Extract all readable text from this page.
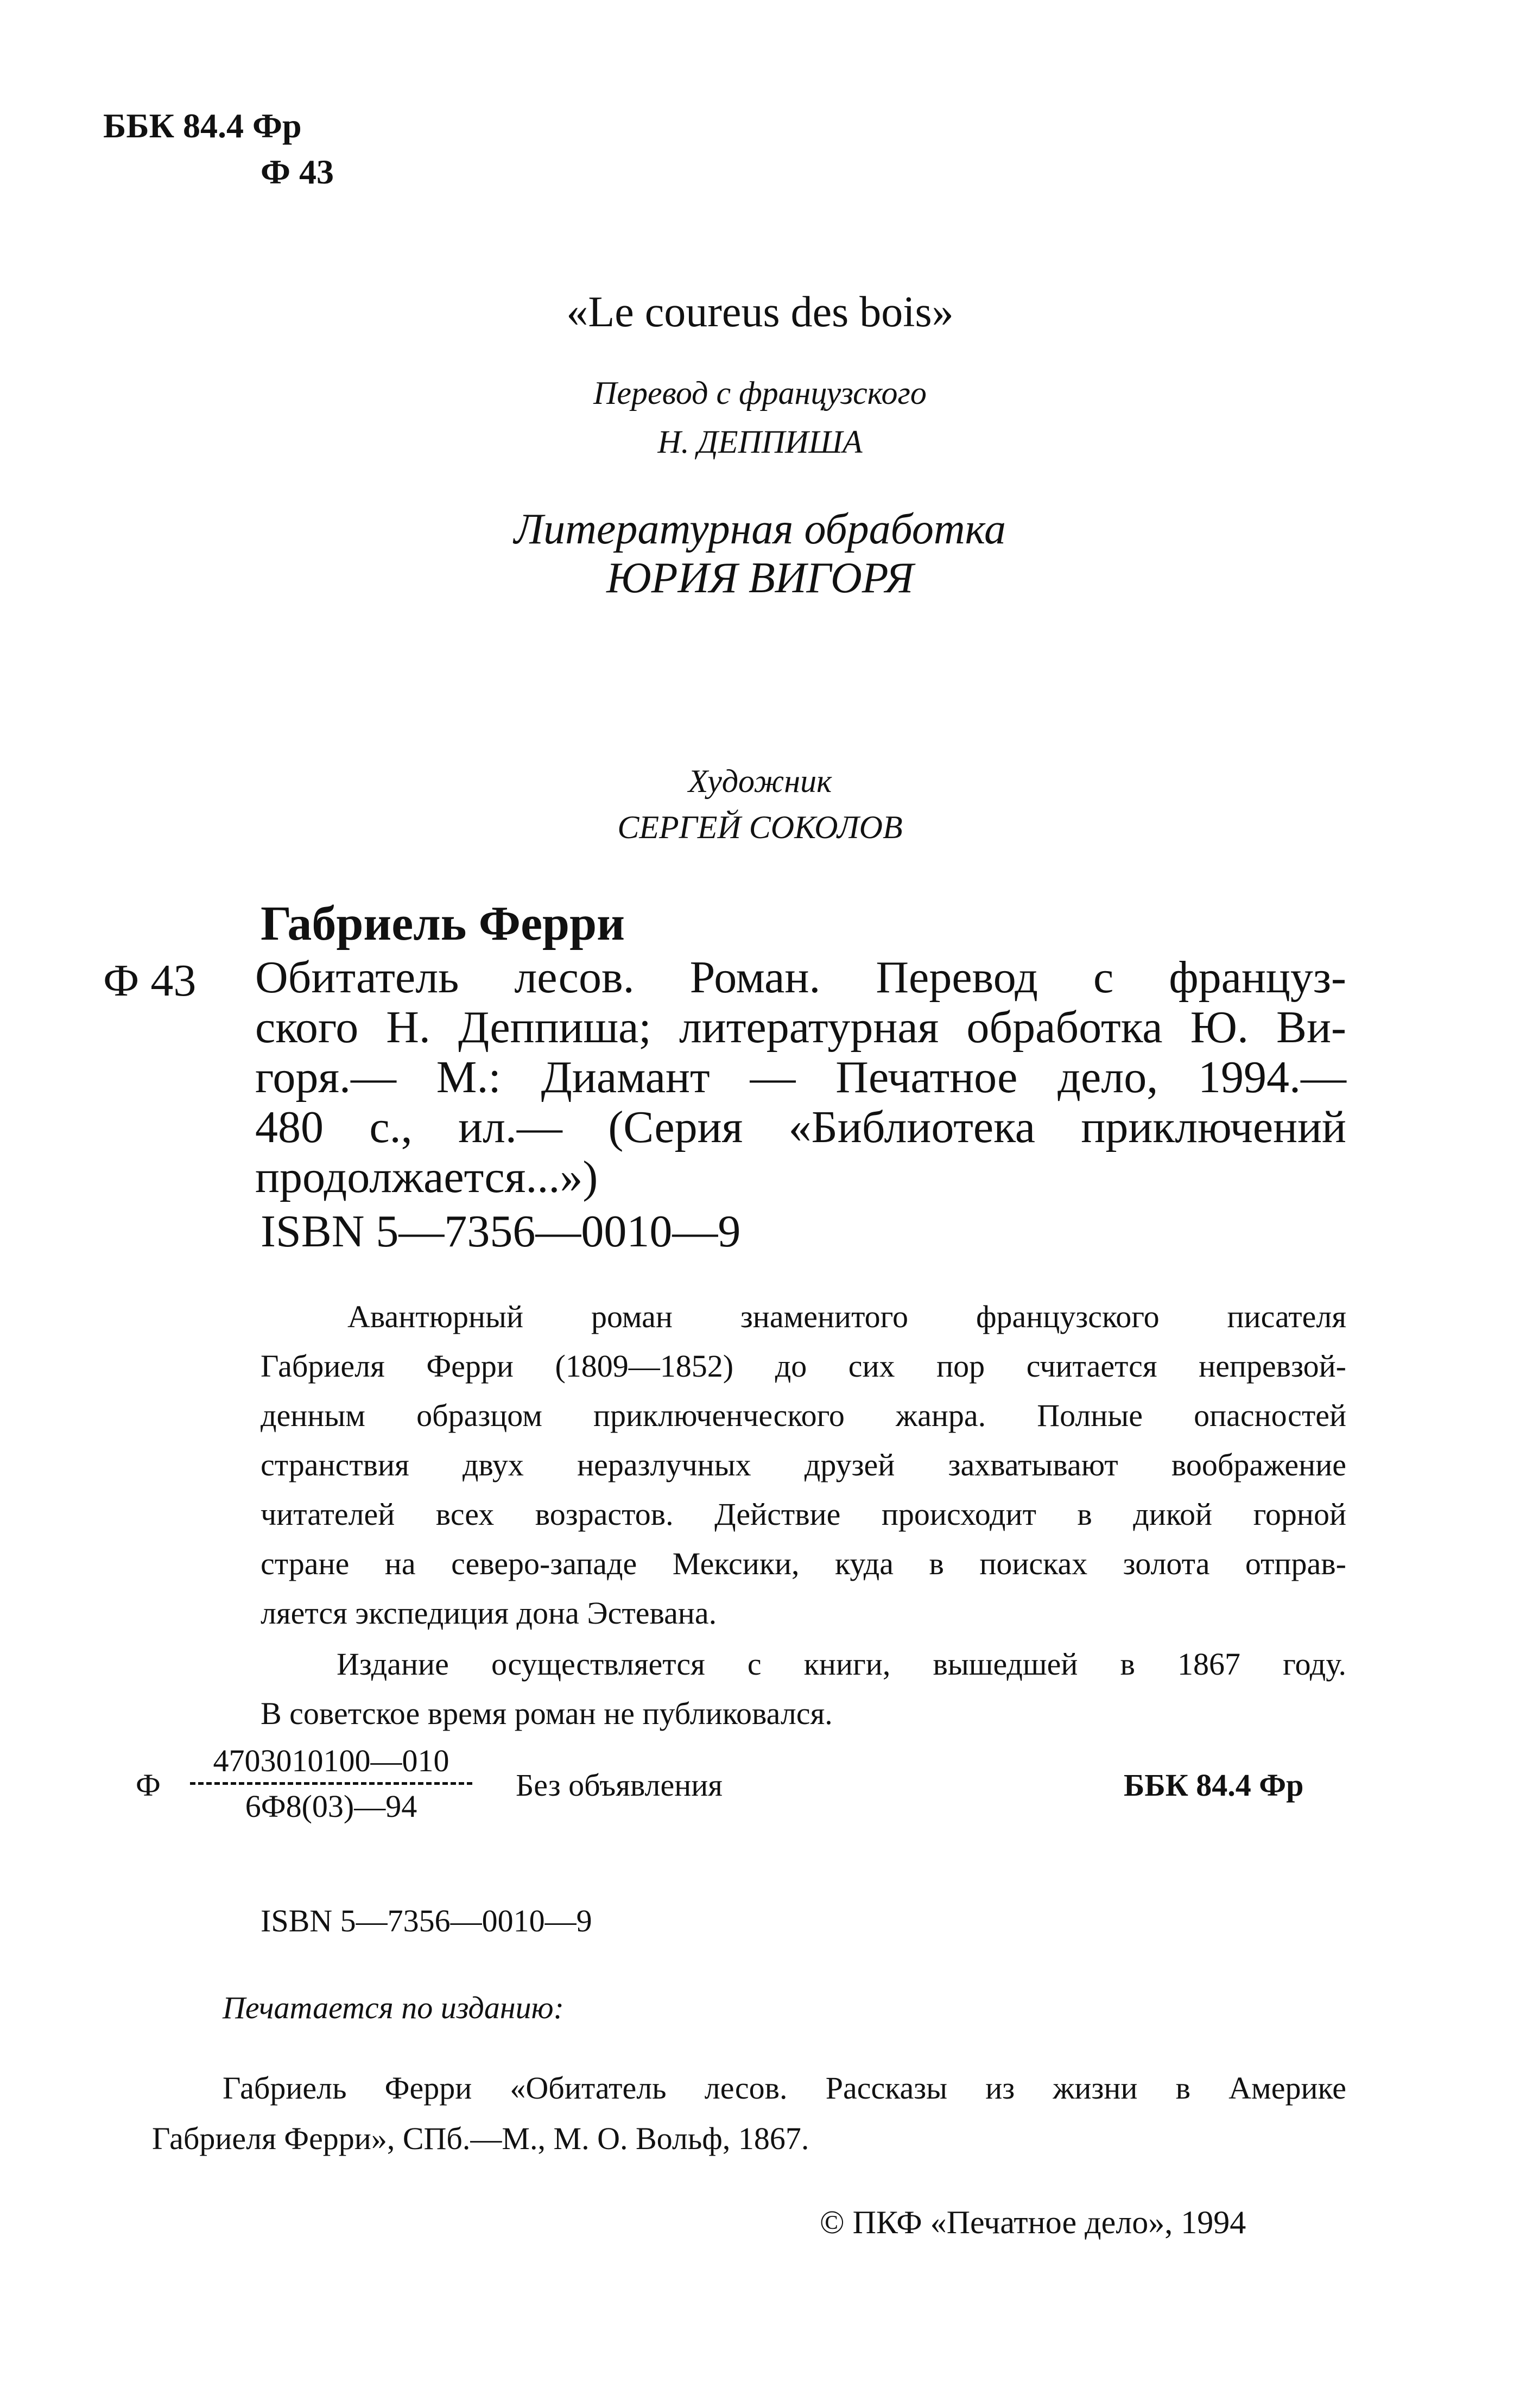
ББК 84.4 Фр
Ф 43
«Le coureus des bois»
Перевод с французского
Н. ДЕППИША
Литературная обработка
ЮРИЯ ВИГОРЯ
Художник
СЕРГЕЙ СОКОЛОВ
Габриель Ферри
Ф 43 Обитатель лесов. Роман. Перевод с француз-
ского Н. Деппиша; литературная обработка Ю. Ви-
горя.— М.: Диамант — Печатное дело, 1994.—
480 с., ил.— (Серия «Библиотека приключений
продолжается...»)
ISBN 5—7356—0010—9
Авантюрный роман знаменитого французского писателя
Габриеля Ферри (1809—1852) до сих пор считается непревзой-
денным образцом приключенческого жанра. Полные опасностей
странствия двух неразлучных друзей захватывают воображение
читателей всех возрастов. Действие происходит в дикой горной
стране на северо-западе Мексики, куда в поисках золота отправ-
ляется экспедиция дона Эстевана.
Издание осуществляется с книги, вышедшей в 1867 году.
В советское время роман не публиковался.
Ф
4703010100—010
6Ф8(03)—94
Без объявления	ББК 84.4 Фр
ISBN 5—7356—0010—9
Печатается по изданию:
Габриель Ферри «Обитатель лесов. Рассказы из жизни в Америке
Габриеля Ферри», СПб.—М., М. О. Вольф, 1867.
© ПКФ «Печатное дело», 1994
